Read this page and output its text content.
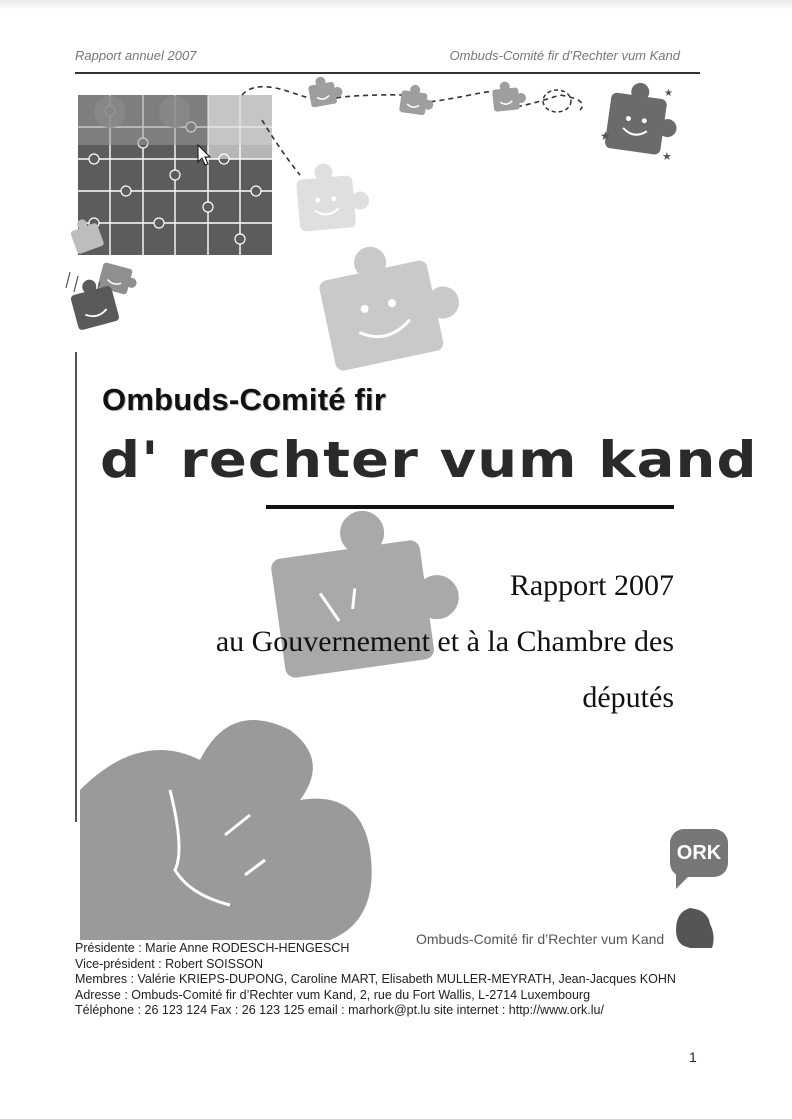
Rapport annuel 2007	Ombuds-Comité fir d’Rechter vum Kand
★
★
★
Ombuds-Comité fir
d' rechter vum kand
Rapport 2007
au Gouvernement et à la Chambre des
députés
ORK
Ombuds-Comité fir d’Rechter vum Kand
Présidente : Marie Anne RODESCH-HENGESCH
Vice-président : Robert SOISSON
Membres : Valérie KRIEPS-DUPONG, Caroline MART, Elisabeth MULLER-MEYRATH, Jean-Jacques KOHN
Adresse : Ombuds-Comité fir d’Rechter vum Kand, 2, rue du Fort Wallis, L-2714 Luxembourg
Téléphone : 26 123 124 Fax : 26 123 125 email : marhork@pt.lu site internet : http://www.ork.lu/
1
